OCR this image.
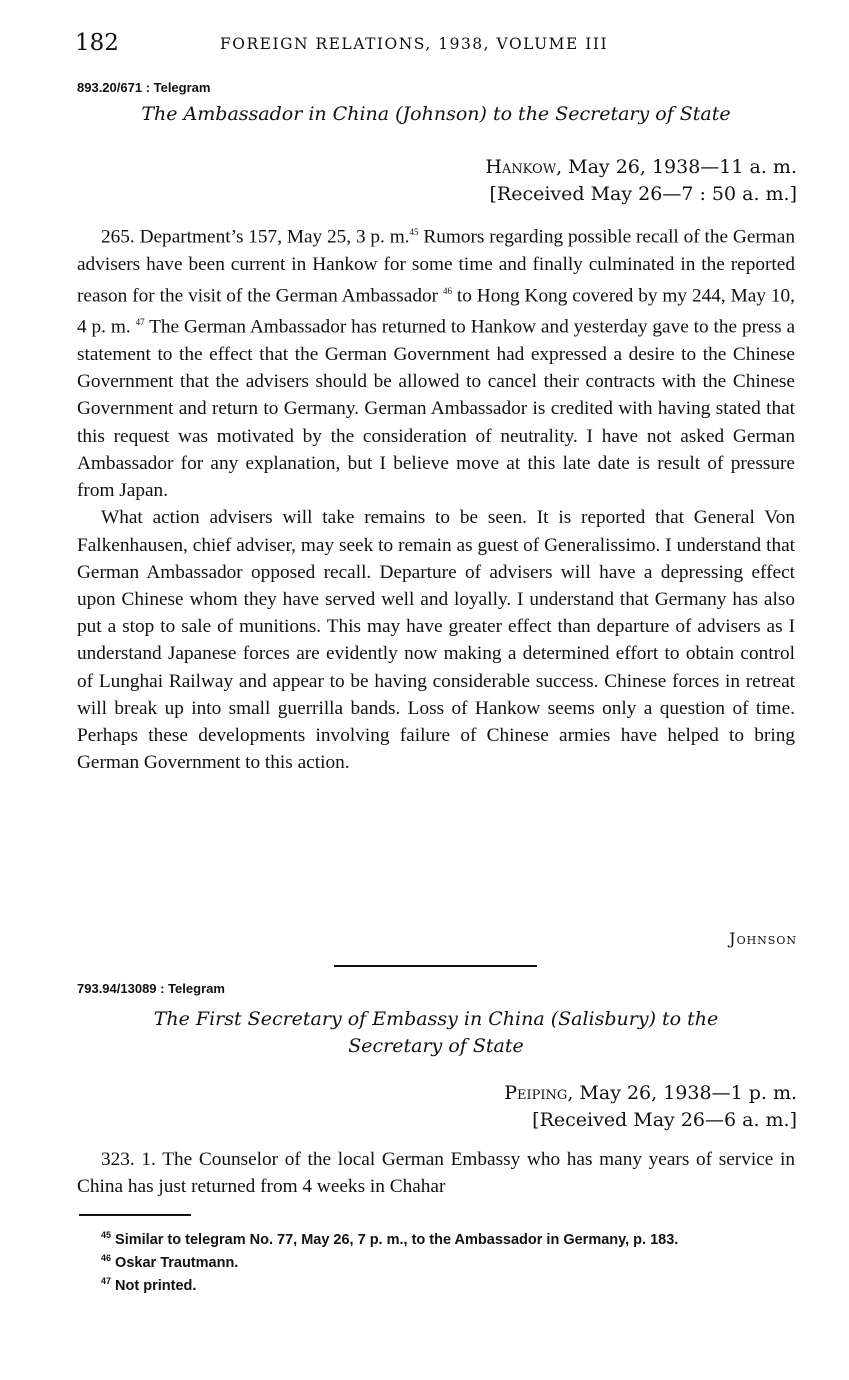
182	FOREIGN RELATIONS, 1938, VOLUME III
893.20/671 : Telegram
The Ambassador in China (Johnson) to the Secretary of State
Hankow, May 26, 1938—11 a. m.
[Received May 26—7 : 50 a. m.]

265. Department’s 157, May 25, 3 p. m.$^{45}$ Rumors regarding possible recall of the German advisers have been current in Hankow for some time and finally culminated in the reported reason for the visit of the German Ambassador $^{46}$ to Hong Kong covered by my 244, May 10, 4 p. m. $^{47}$ The German Ambassador has returned to Hankow and yesterday gave to the press a statement to the effect that the German Government had expressed a desire to the Chinese Government that the advisers should be allowed to cancel their contracts with the Chinese Government and return to Germany. German Ambassador is credited with having stated that this request was motivated by the consideration of neutrality. I have not asked German Ambassador for any explanation, but I believe move at this late date is result of pressure from Japan.

What action advisers will take remains to be seen. It is reported that General Von Falkenhausen, chief adviser, may seek to remain as guest of Generalissimo. I understand that German Ambassador opposed recall. Departure of advisers will have a depressing effect upon Chinese whom they have served well and loyally. I understand that Germany has also put a stop to sale of munitions. This may have greater effect than departure of advisers as I understand Japanese forces are evidently now making a determined effort to obtain control of Lunghai Railway and appear to be having considerable success. Chinese forces in retreat will break up into small guerrilla bands. Loss of Hankow seems only a question of time. Perhaps these developments involving failure of Chinese armies have helped to bring German Government to this action.

Johnson
793.94/13089 : Telegram
The First Secretary of Embassy in China (Salisbury) to the
Secretary of State
Peiping, May 26, 1938—1 p. m.
[Received May 26—6 a. m.]

323. 1. The Counselor of the local German Embassy who has many years of service in China has just returned from 4 weeks in Chahar

$^{45}$ Similar to telegram No. 77, May 26, 7 p. m., to the Ambassador in Germany, p. 183.

$^{46}$ Oskar Trautmann.

$^{47}$ Not printed.
